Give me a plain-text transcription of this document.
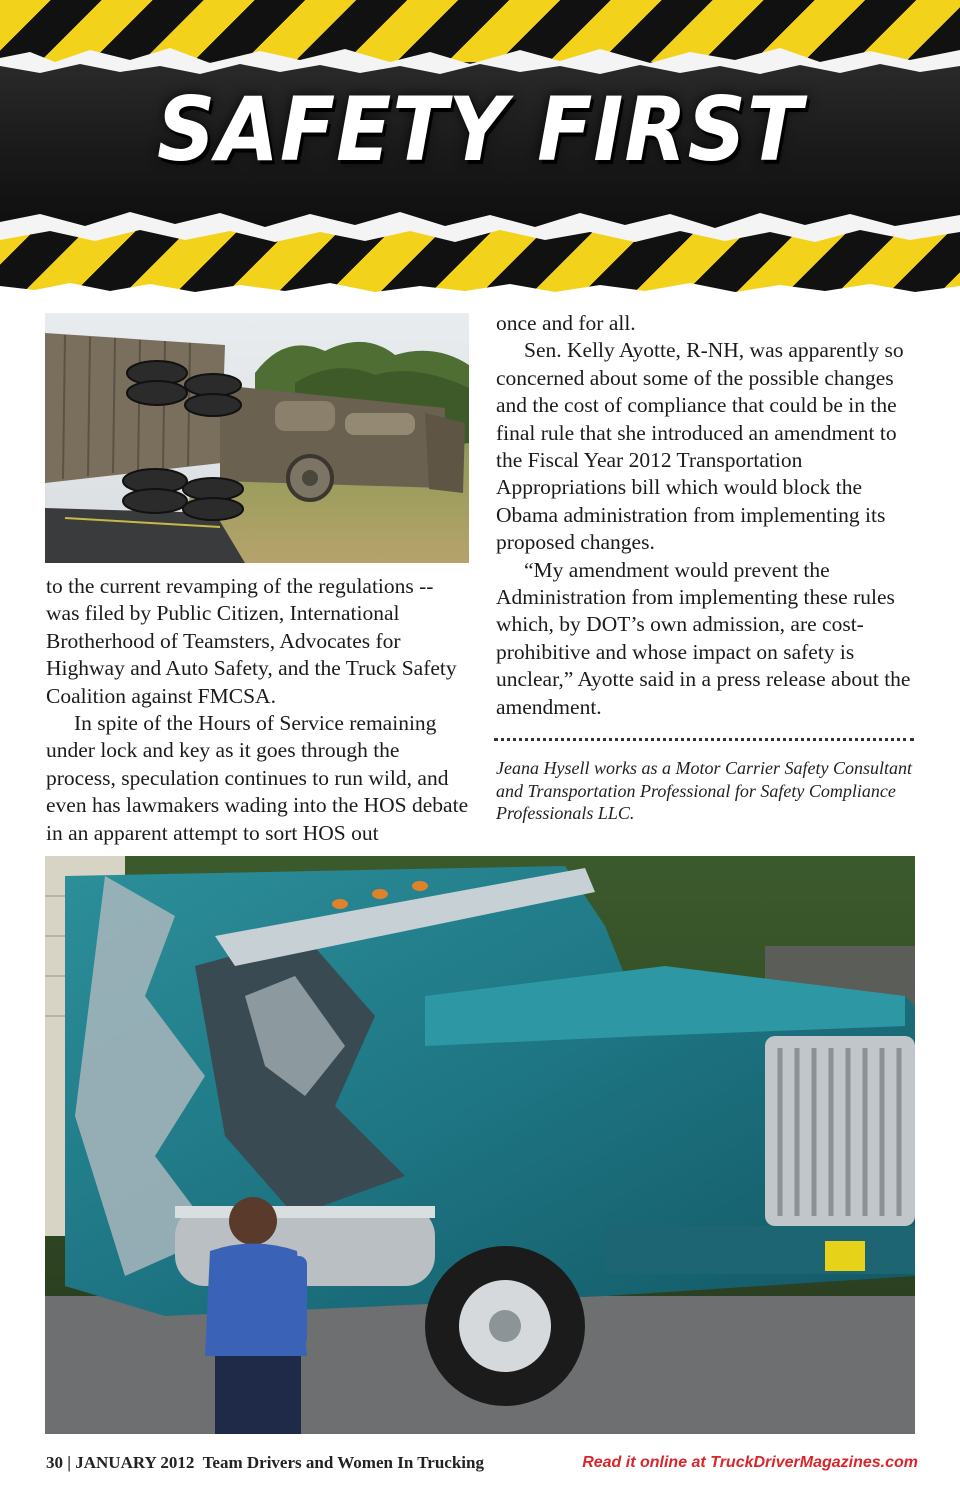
SAFETY FIRST

to the current revamping of the regulations -- was filed by Public Citizen, International Brotherhood of Teamsters, Advocates for Highway and Auto Safety, and the Truck Safety Coalition against FMCSA.

In spite of the Hours of Service remaining under lock and key as it goes through the process, speculation continues to run wild, and even has lawmakers wading into the HOS debate in an apparent attempt to sort HOS out

once and for all.

Sen. Kelly Ayotte, R-NH, was apparently so concerned about some of the possible changes and the cost of compliance that could be in the final rule that she introduced an amendment to the Fiscal Year 2012 Transportation Appropriations bill which would block the Obama administration from implementing its proposed changes.

“My amendment would prevent the Administration from implementing these rules which, by DOT’s own admission, are cost-prohibitive and whose impact on safety is unclear,” Ayotte said in a press release about the amendment.

Jeana Hysell works as a Motor Carrier Safety Consultant and Transportation Professional for Safety Compliance Professionals LLC.
30 | JANUARY 2012 Team Drivers and Women In Trucking	Read it online at TruckDriverMagazines.com
